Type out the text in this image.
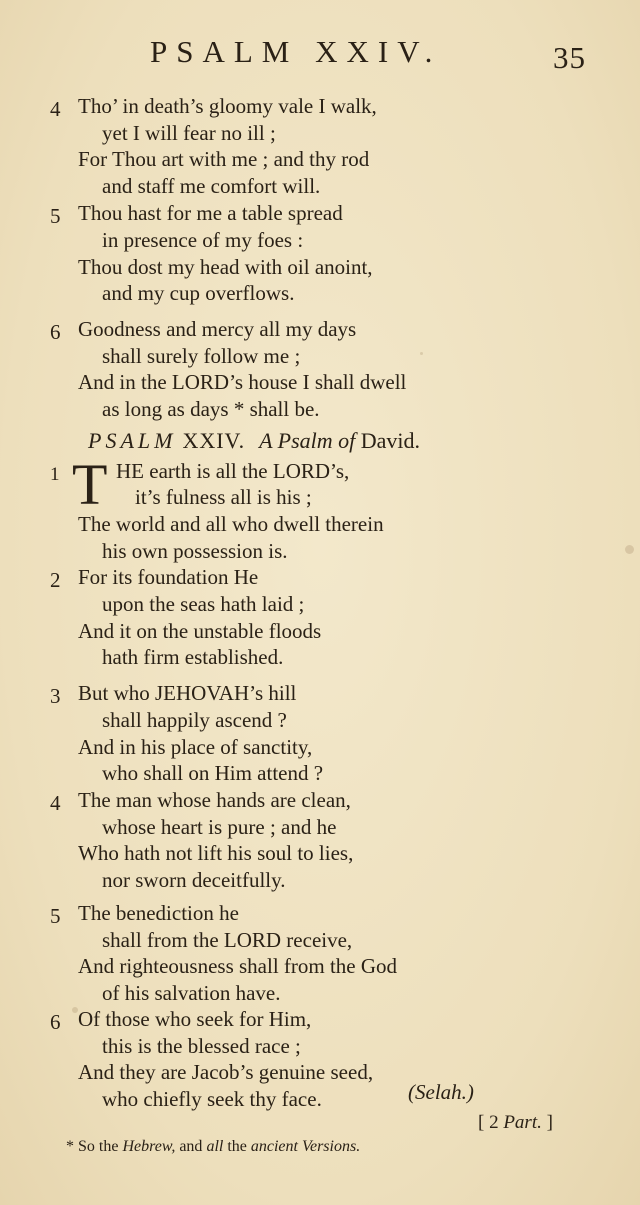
PSALM XXIV.	35
4 Tho’ in death’s gloomy vale I walk,
yet I will fear no ill ;
For Thou art with me ; and thy rod
and staff me comfort will.
5 Thou hast for me a table spread
in presence of my foes :
Thou dost my head with oil anoint,
and my cup overflows.
6 Goodness and mercy all my days
shall surely follow me ;
And in the LORD’s house I shall dwell
as long as days * shall be.
PSALM XXIV. A Psalm of David.
1 T HE earth is all the LORD’s,
it’s fulness all is his ;
The world and all who dwell therein
his own possession is.
2 For its foundation He
upon the seas hath laid ;
And it on the unstable floods
hath firm established.
3 But who JEHOVAH’s hill
shall happily ascend ?
And in his place of sanctity,
who shall on Him attend ?
4 The man whose hands are clean,
whose heart is pure ; and he
Who hath not lift his soul to lies,
nor sworn deceitfully.
5 The benediction he
shall from the LORD receive,
And righteousness shall from the God
of his salvation have.
6 Of those who seek for Him,
this is the blessed race ;
And they are Jacob’s genuine seed,
who chiefly seek thy face.	(Selah.)
[ 2 Part. ]
* So the Hebrew, and all the ancient Versions.
